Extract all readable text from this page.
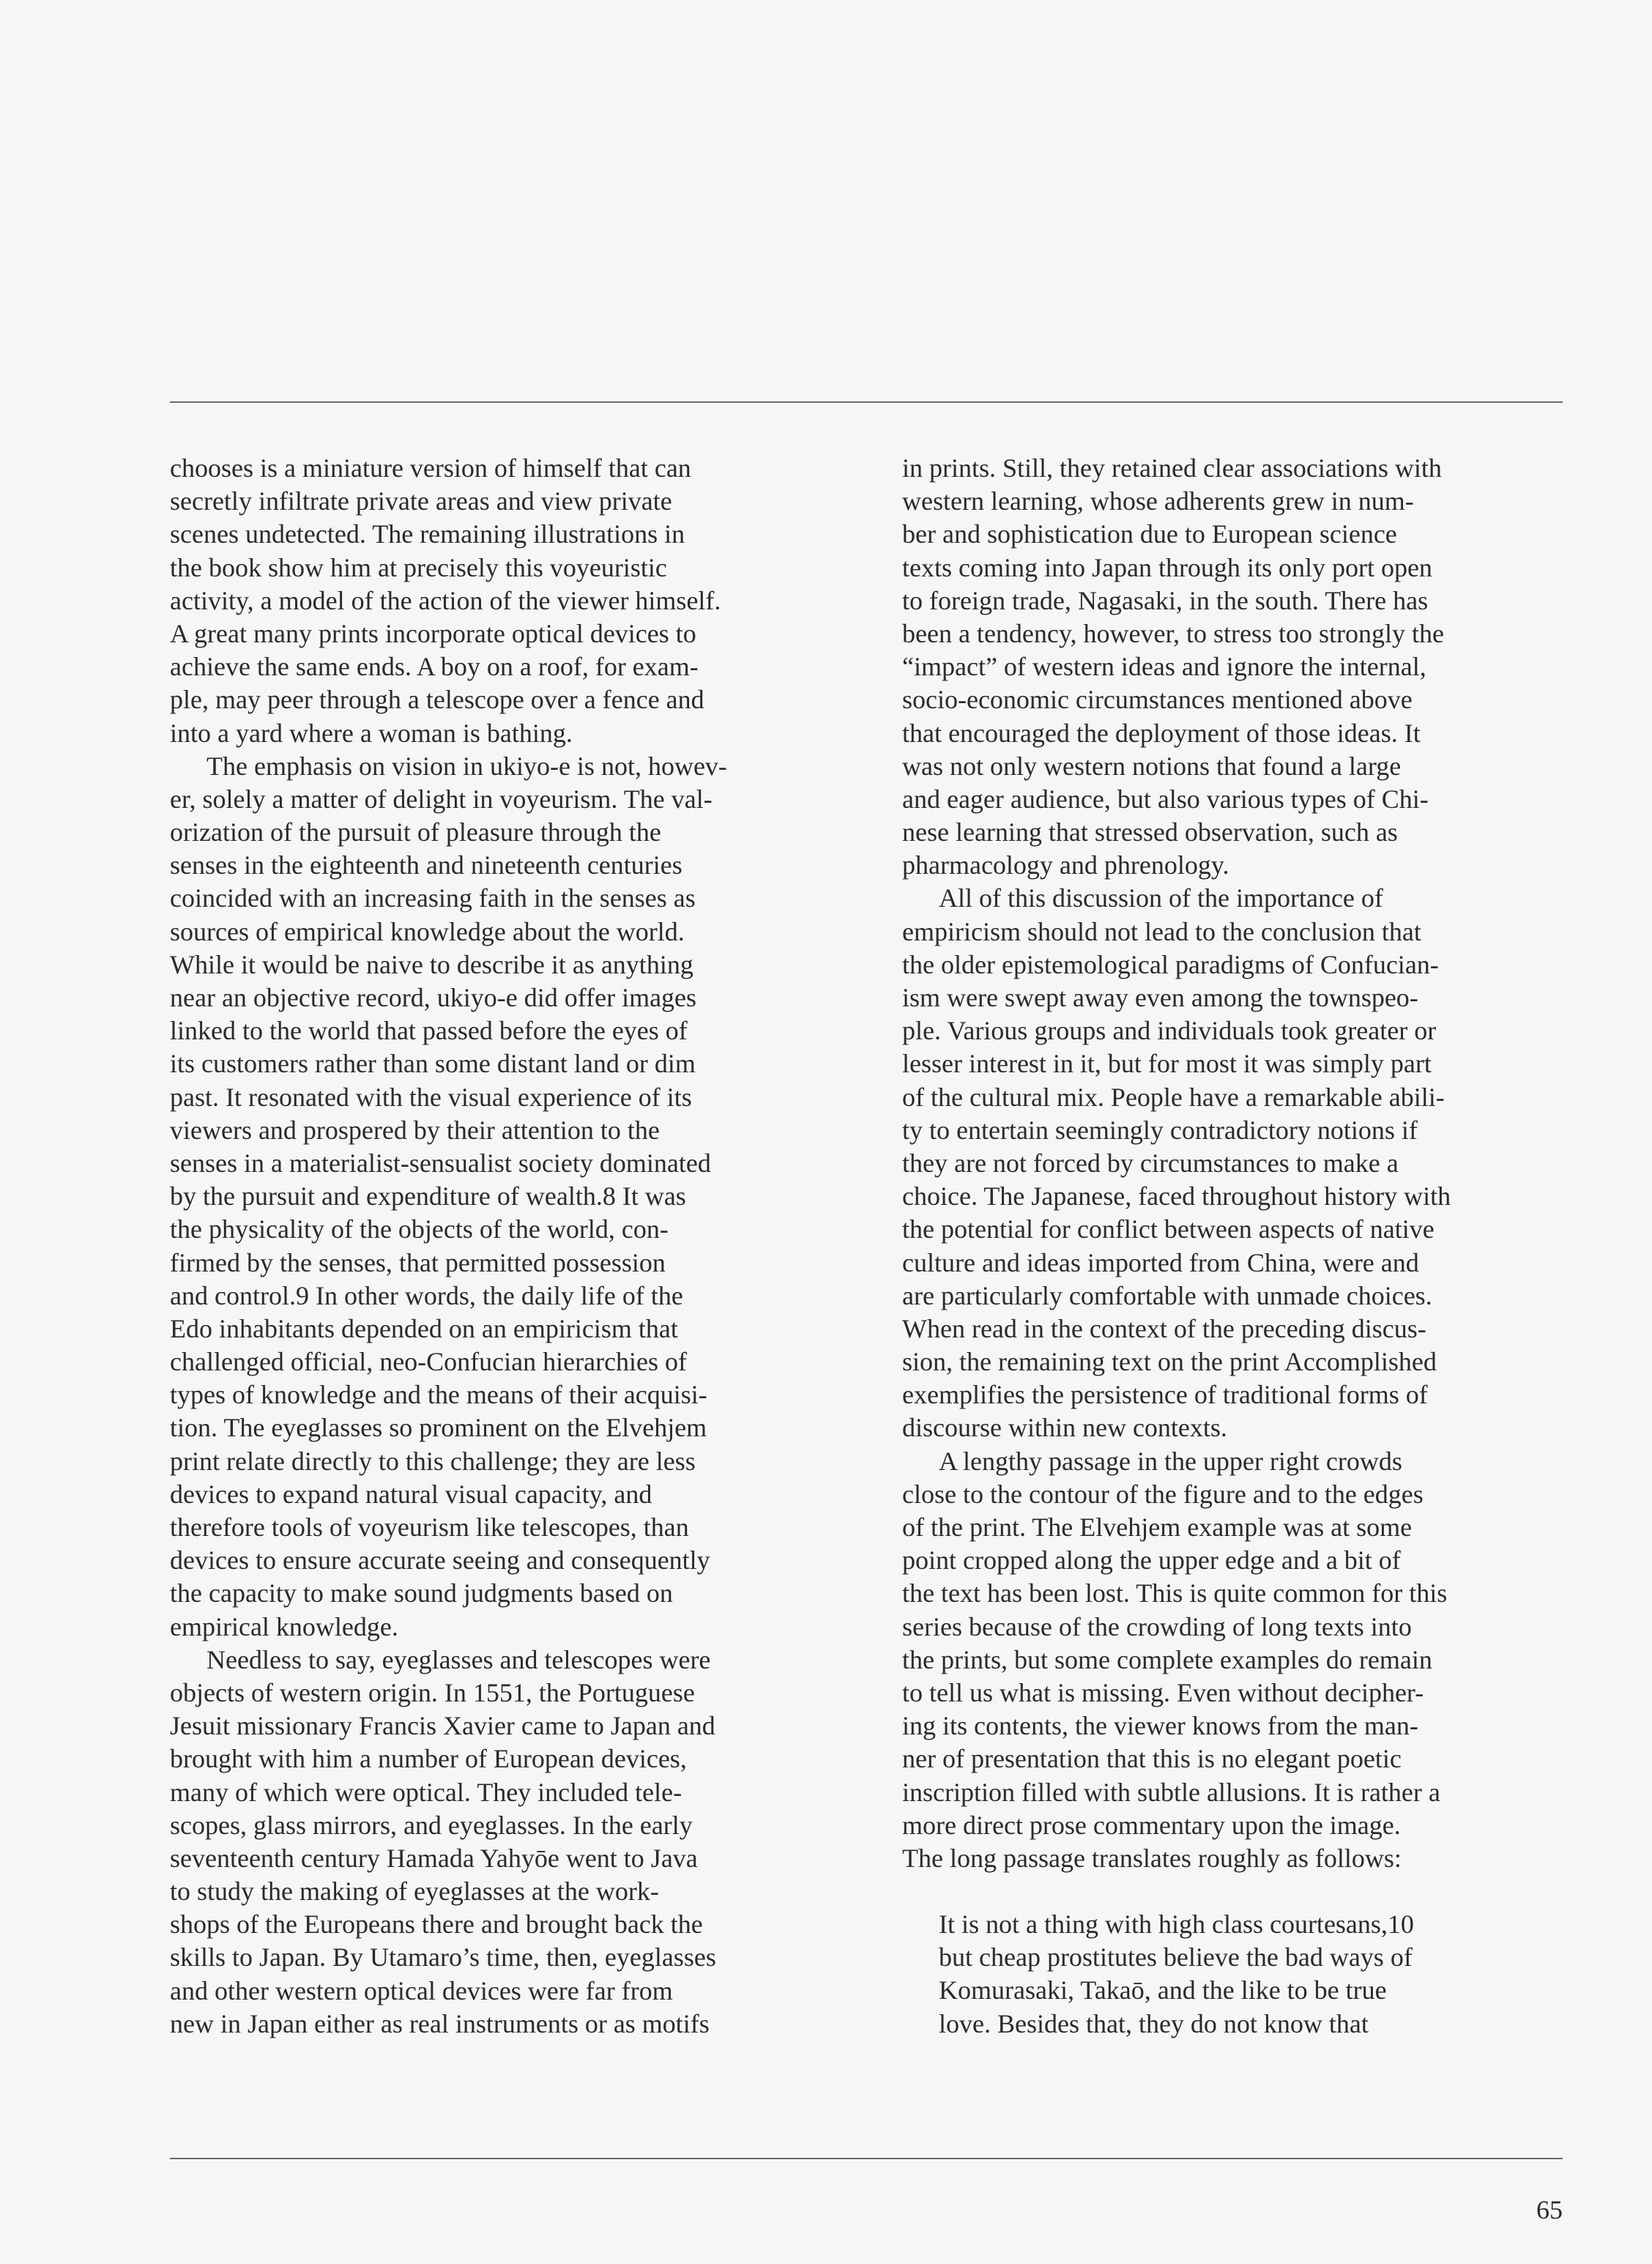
chooses is a miniature version of himself that can
secretly infiltrate private areas and view private
scenes undetected. The remaining illustrations in
the book show him at precisely this voyeuristic
activity, a model of the action of the viewer himself.
A great many prints incorporate optical devices to
achieve the same ends. A boy on a roof, for exam-
ple, may peer through a telescope over a fence and
into a yard where a woman is bathing.
The emphasis on vision in ukiyo-e is not, howev-
er, solely a matter of delight in voyeurism. The val-
orization of the pursuit of pleasure through the
senses in the eighteenth and nineteenth centuries
coincided with an increasing faith in the senses as
sources of empirical knowledge about the world.
While it would be naive to describe it as anything
near an objective record, ukiyo-e did offer images
linked to the world that passed before the eyes of
its customers rather than some distant land or dim
past. It resonated with the visual experience of its
viewers and prospered by their attention to the
senses in a materialist-sensualist society dominated
by the pursuit and expenditure of wealth.8 It was
the physicality of the objects of the world, con-
firmed by the senses, that permitted possession
and control.9 In other words, the daily life of the
Edo inhabitants depended on an empiricism that
challenged official, neo-Confucian hierarchies of
types of knowledge and the means of their acquisi-
tion. The eyeglasses so prominent on the Elvehjem
print relate directly to this challenge; they are less
devices to expand natural visual capacity, and
therefore tools of voyeurism like telescopes, than
devices to ensure accurate seeing and consequently
the capacity to make sound judgments based on
empirical knowledge.
Needless to say, eyeglasses and telescopes were
objects of western origin. In 1551, the Portuguese
Jesuit missionary Francis Xavier came to Japan and
brought with him a number of European devices,
many of which were optical. They included tele-
scopes, glass mirrors, and eyeglasses. In the early
seventeenth century Hamada Yahyōe went to Java
to study the making of eyeglasses at the work-
shops of the Europeans there and brought back the
skills to Japan. By Utamaro’s time, then, eyeglasses
and other western optical devices were far from
new in Japan either as real instruments or as motifs
in prints. Still, they retained clear associations with
western learning, whose adherents grew in num-
ber and sophistication due to European science
texts coming into Japan through its only port open
to foreign trade, Nagasaki, in the south. There has
been a tendency, however, to stress too strongly the
“impact” of western ideas and ignore the internal,
socio-economic circumstances mentioned above
that encouraged the deployment of those ideas. It
was not only western notions that found a large
and eager audience, but also various types of Chi-
nese learning that stressed observation, such as
pharmacology and phrenology.
All of this discussion of the importance of
empiricism should not lead to the conclusion that
the older epistemological paradigms of Confucian-
ism were swept away even among the townspeo-
ple. Various groups and individuals took greater or
lesser interest in it, but for most it was simply part
of the cultural mix. People have a remarkable abili-
ty to entertain seemingly contradictory notions if
they are not forced by circumstances to make a
choice. The Japanese, faced throughout history with
the potential for conflict between aspects of native
culture and ideas imported from China, were and
are particularly comfortable with unmade choices.
When read in the context of the preceding discus-
sion, the remaining text on the print Accomplished
exemplifies the persistence of traditional forms of
discourse within new contexts.
A lengthy passage in the upper right crowds
close to the contour of the figure and to the edges
of the print. The Elvehjem example was at some
point cropped along the upper edge and a bit of
the text has been lost. This is quite common for this
series because of the crowding of long texts into
the prints, but some complete examples do remain
to tell us what is missing. Even without decipher-
ing its contents, the viewer knows from the man-
ner of presentation that this is no elegant poetic
inscription filled with subtle allusions. It is rather a
more direct prose commentary upon the image.
The long passage translates roughly as follows:
It is not a thing with high class courtesans,10
but cheap prostitutes believe the bad ways of
Komurasaki, Takaō, and the like to be true
love. Besides that, they do not know that
65
